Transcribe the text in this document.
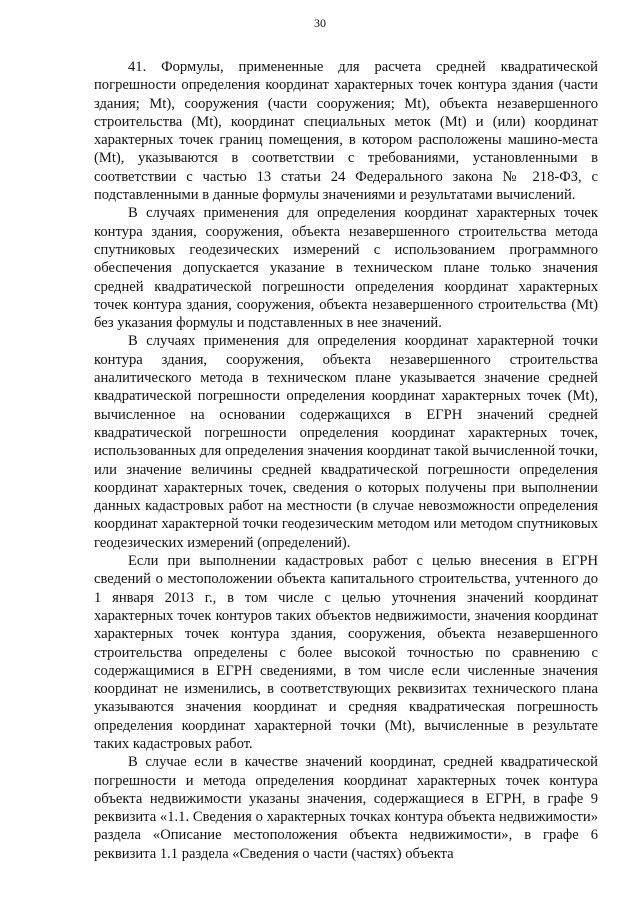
30

41. Формулы, примененные для расчета средней квадратической погрешности определения координат характерных точек контура здания (части здания; Mt), сооружения (части сооружения; Mt), объекта незавершенного строительства (Mt), координат специальных меток (Mt) и (или) координат характерных точек границ помещения, в котором расположены машино-места (Mt), указываются в соответствии с требованиями, установленными в соответствии с частью 13 статьи 24 Федерального закона № 218-ФЗ, с подставленными в данные формулы значениями и результатами вычислений.

В случаях применения для определения координат характерных точек контура здания, сооружения, объекта незавершенного строительства метода спутниковых геодезических измерений с использованием программного обеспечения допускается указание в техническом плане только значения средней квадратической погрешности определения координат характерных точек контура здания, сооружения, объекта незавершенного строительства (Mt) без указания формулы и подставленных в нее значений.

В случаях применения для определения координат характерной точки контура здания, сооружения, объекта незавершенного строительства аналитического метода в техническом плане указывается значение средней квадратической погрешности определения координат характерных точек (Mt), вычисленное на основании содержащихся в ЕГРН значений средней квадратической погрешности определения координат характерных точек, использованных для определения значения координат такой вычисленной точки, или значение величины средней квадратической погрешности определения координат характерных точек, сведения о которых получены при выполнении данных кадастровых работ на местности (в случае невозможности определения координат характерной точки геодезическим методом или методом спутниковых геодезических измерений (определений).

Если при выполнении кадастровых работ с целью внесения в ЕГРН сведений о местоположении объекта капитального строительства, учтенного до 1 января 2013 г., в том числе с целью уточнения значений координат характерных точек контуров таких объектов недвижимости, значения координат характерных точек контура здания, сооружения, объекта незавершенного строительства определены с более высокой точностью по сравнению с содержащимися в ЕГРН сведениями, в том числе если численные значения координат не изменились, в соответствующих реквизитах технического плана указываются значения координат и средняя квадратическая погрешность определения координат характерной точки (Mt), вычисленные в результате таких кадастровых работ.

В случае если в качестве значений координат, средней квадратической погрешности и метода определения координат характерных точек контура объекта недвижимости указаны значения, содержащиеся в ЕГРН, в графе 9 реквизита «1.1. Сведения о характерных точках контура объекта недвижимости» раздела «Описание местоположения объекта недвижимости», в графе 6 реквизита 1.1 раздела «Сведения о части (частях) объекта
